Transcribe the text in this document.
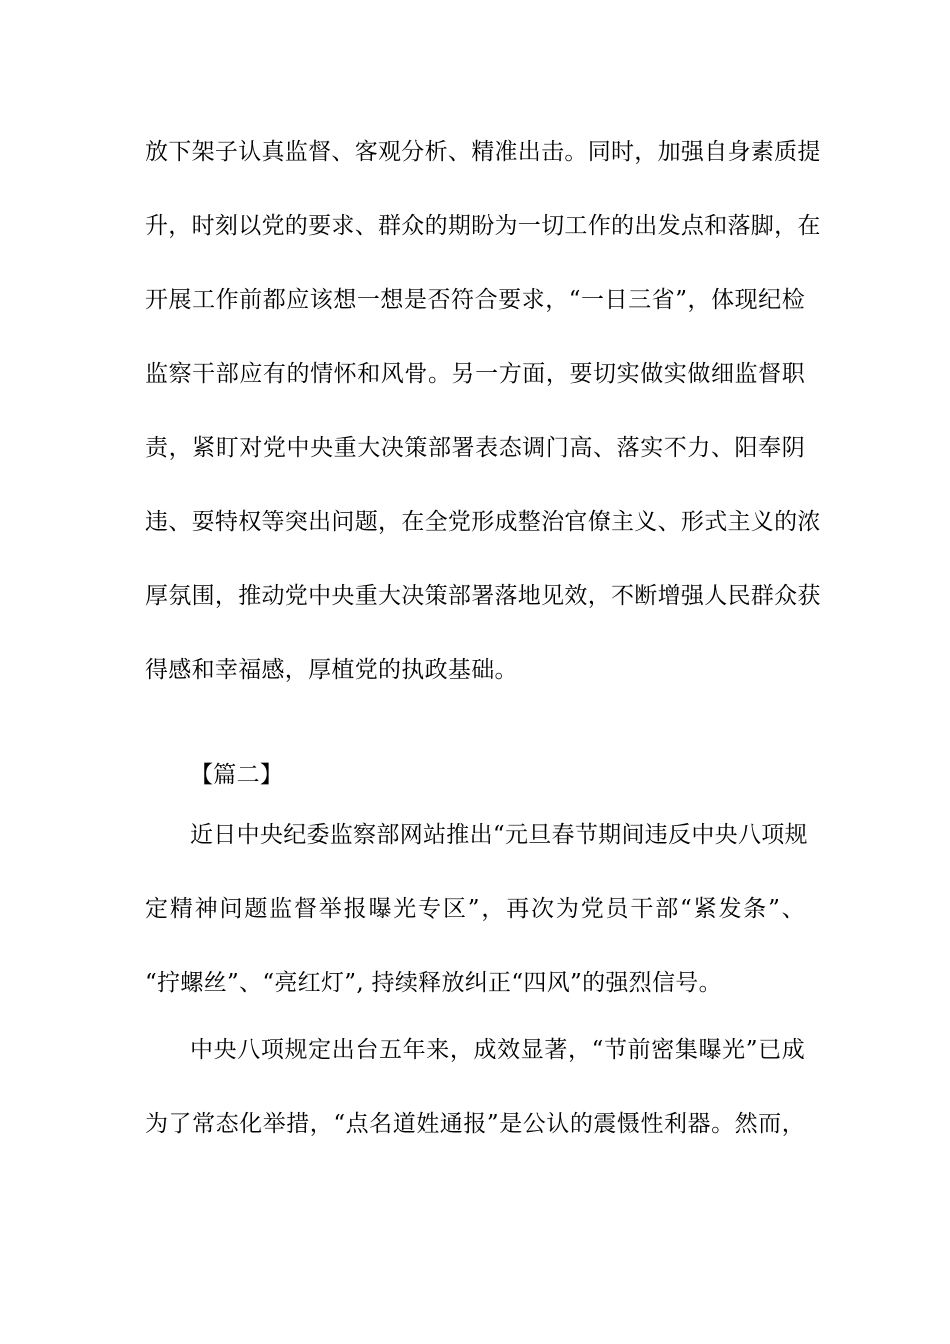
放下架子认真监督、客观分析、精准出击。同时，加强自身素质提
升，时刻以党的要求、群众的期盼为一切工作的出发点和落脚，在
开展工作前都应该想一想是否符合要求，“一日三省”，体现纪检
监察干部应有的情怀和风骨。另一方面，要切实做实做细监督职
责，紧盯对党中央重大决策部署表态调门高、落实不力、阳奉阴
违、耍特权等突出问题，在全党形成整治官僚主义、形式主义的浓
厚氛围，推动党中央重大决策部署落地见效，不断增强人民群众获
得感和幸福感，厚植党的执政基础。
【篇二】
近日中央纪委监察部网站推出“元旦春节期间违反中央八项规
定精神问题监督举报曝光专区”，再次为党员干部“紧发条”、
“拧螺丝”、“亮红灯”, 持续释放纠正“四风”的强烈信号。
中央八项规定出台五年来，成效显著，“节前密集曝光”已成
为了常态化举措，“点名道姓通报”是公认的震慑性利器。然而，
